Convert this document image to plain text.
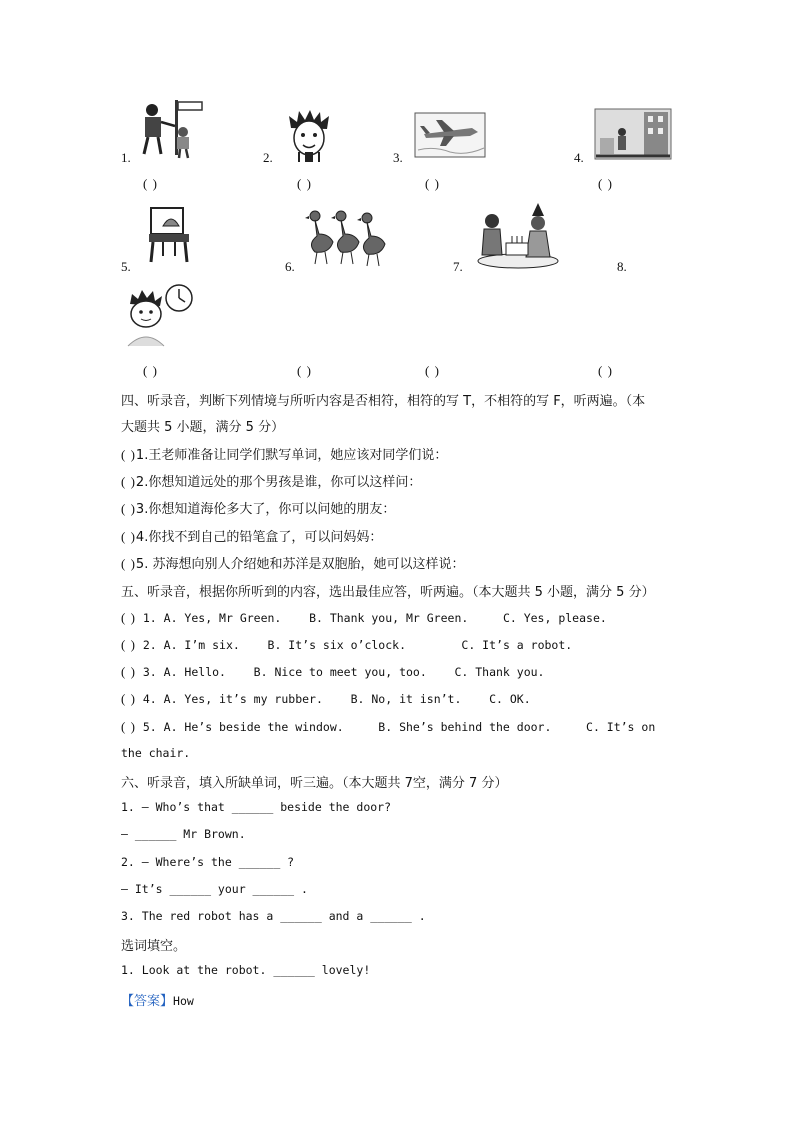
1.
( )
2.
( )
3.
( )
4.
( )
5.	6.	7.	8.
( )	( )	( )	( )
四、听录音，判断下列情境与所听内容是否相符，相符的写 T，不相符的写 F，听两遍。（本
大题共 5 小题，满分 5 分）
( )1.王老师准备让同学们默写单词，她应该对同学们说：
( )2.你想知道远处的那个男孩是谁，你可以这样问：
( )3.你想知道海伦多大了，你可以问她的朋友：
( )4.你找不到自己的铅笔盒了，可以问妈妈：
( )5. 苏海想向别人介绍她和苏洋是双胞胎，她可以这样说：
五、听录音，根据你所听到的内容，选出最佳应答，听两遍。（本大题共 5 小题，满分 5 分）
( ) 1. A. Yes, Mr Green. B. Thank you, Mr Green.	C. Yes, please.
( ) 2. A. I’m six. B. It’s six o’clock.	C. It’s a robot.
( ) 3. A. Hello. B. Nice to meet you, too. C. Thank you.
( ) 4. A. Yes, it’s my rubber. B. No, it isn’t. C. OK.
( ) 5. A. He’s beside the window.	B. She’s behind the door.	C. It’s on
the chair.
六、听录音，填入所缺单词，听三遍。（本大题共 7空，满分 7 分）
1. — Who’s that ______ beside the door?
— ______ Mr Brown.
2. — Where’s the ______ ?
— It’s ______ your ______ .
3. The red robot has a ______ and a ______ .
选词填空。
1. Look at the robot. ______ lovely!
【答案】How
